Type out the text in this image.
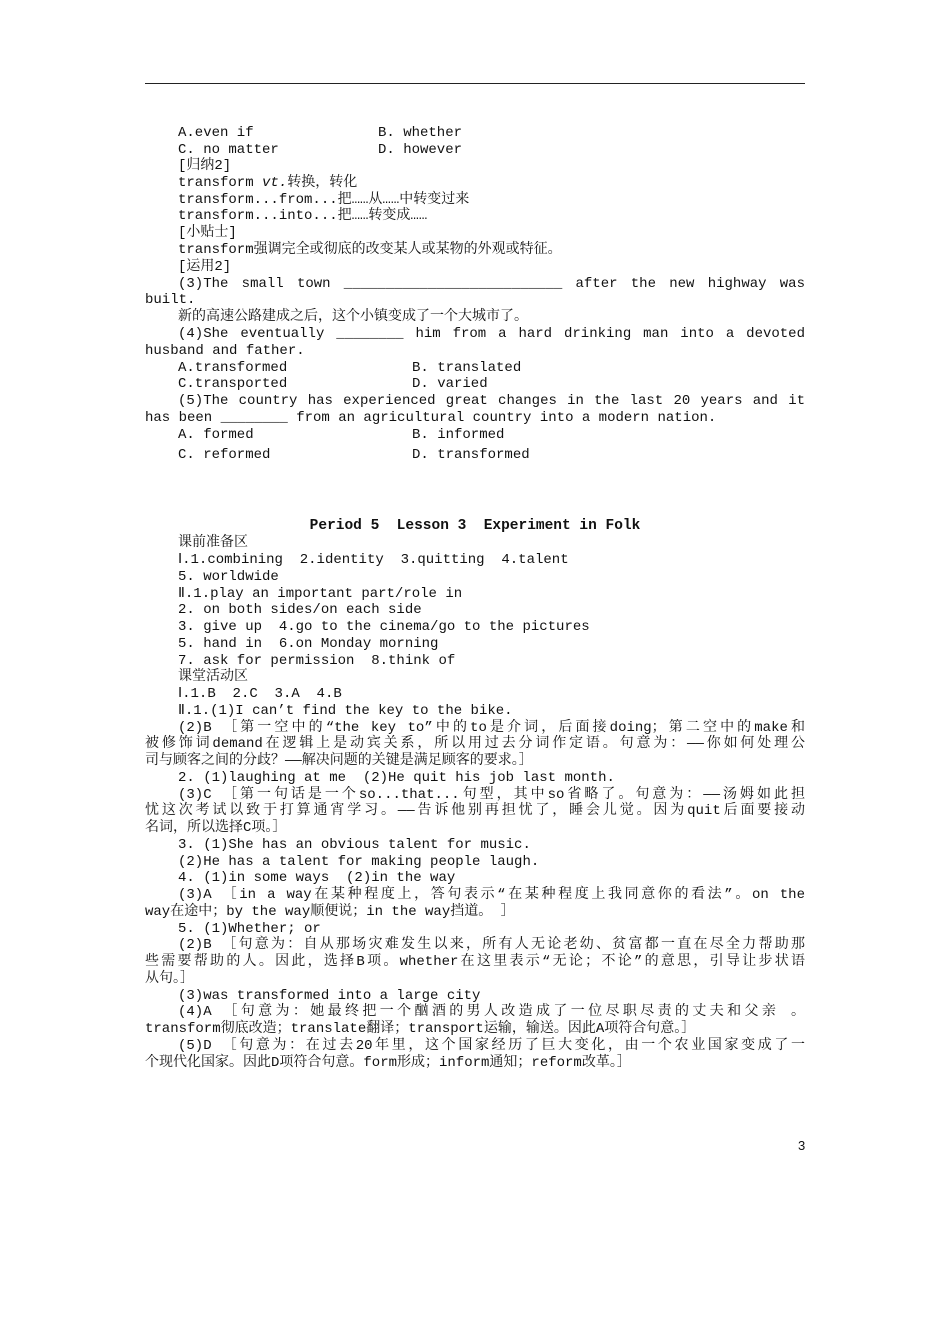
A.even if	B. whether
C. no matter	D. however
[归纳2]
transform vt.转换，转化
transform...from...把……从……中转变过来
transform...into...把……转变成……
[小贴士]
transform强调完全或彻底的改变某人或某物的外观或特征。
[运用2]
(3)The small town __________________________ after the new highway was
built.
新的高速公路建成之后，这个小镇变成了一个大城市了。
(4)She eventually ________ him from a hard drinking man into a devoted
husband and father.
A.transformed	B. translated
C.transported	D. varied
(5)The country has experienced great changes in the last 20 years and it
has been ________ from an agricultural country into a modern nation.
A. formed	B. informed
C. reformed	D. transformed
Period 5  Lesson 3  Experiment in Folk
课前准备区
Ⅰ.1.combining  2.identity  3.quitting  4.talent
5. worldwide
Ⅱ.1.play an important part/role in
2. on both sides/on each side
3. give up  4.go to the cinema/go to the pictures
5. hand in  6.on Monday morning
7. ask for permission  8.think of
课堂活动区
Ⅰ.1.B  2.C  3.A  4.B
Ⅱ.1.(1)I can’t find the key to the bike.
(2)B ［第一空中的“the key to”中的to是介词，后面接doing；第二空中的make和
被修饰词demand在逻辑上是动宾关系，所以用过去分词作定语。句意为：——你如何处理公
司与顾客之间的分歧？——解决问题的关键是满足顾客的要求。］
2. (1)laughing at me  (2)He quit his job last month.
(3)C ［第一句话是一个so...that...句型，其中so省略了。句意为：——汤姆如此担
忧这次考试以致于打算通宵学习。——告诉他别再担忧了，睡会儿觉。因为quit后面要接动
名词，所以选择C项。］
3. (1)She has an obvious talent for music.
(2)He has a talent for making people laugh.
4. (1)in some ways  (2)in the way
(3)A ［in a way在某种程度上，答句表示“在某种程度上我同意你的看法”。on the
way在途中；by the way顺便说；in the way挡道。 ］
5. (1)Whether; or
(2)B ［句意为：自从那场灾难发生以来，所有人无论老幼、贫富都一直在尽全力帮助那
些需要帮助的人。因此，选择B项。whether在这里表示“无论；不论”的意思，引导让步状语
从句。］
(3)was transformed into a large city
(4)A ［句意为：她最终把一个酗酒的男人改造成了一位尽职尽责的丈夫和父亲 。
transform彻底改造；translate翻译；transport运输，输送。因此A项符合句意。］
(5)D ［句意为：在过去20年里，这个国家经历了巨大变化，由一个农业国家变成了一
个现代化国家。因此D项符合句意。form形成；inform通知；reform改革。］
3
